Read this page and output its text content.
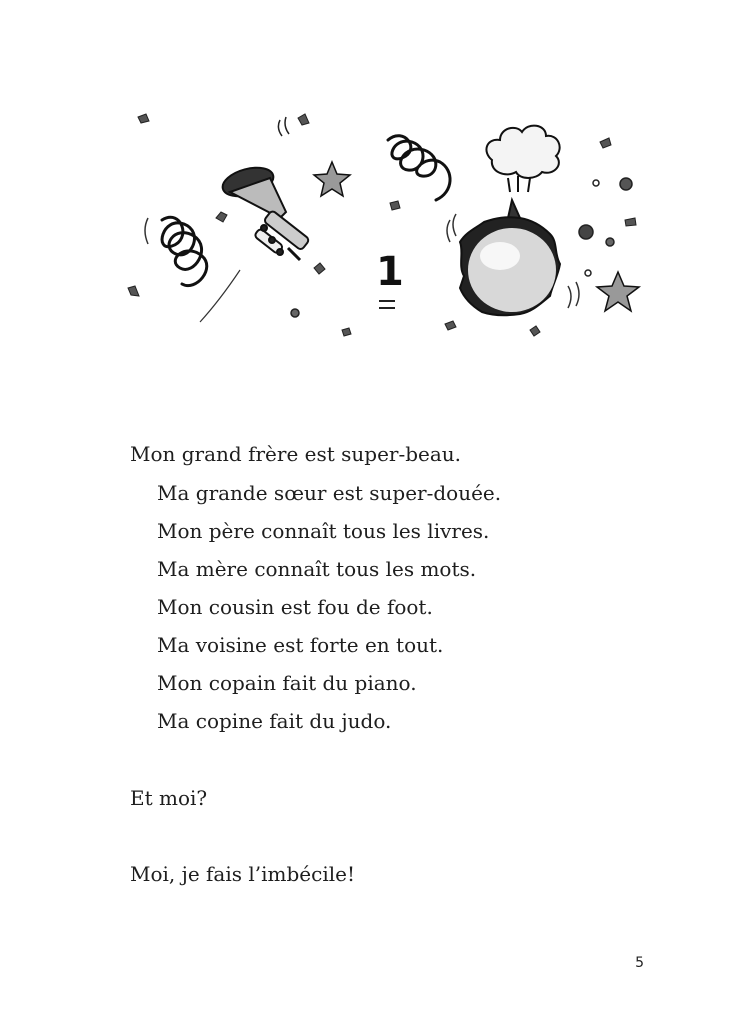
1
Mon grand frère est super-beau.
Ma grande sœur est super-douée.
Mon père connaît tous les livres.
Ma mère connaît tous les mots.
Mon cousin est fou de foot.
Ma voisine est forte en tout.
Mon copain fait du piano.
Ma copine fait du judo.
Et moi?
Moi, je fais l’imbécile!
5
